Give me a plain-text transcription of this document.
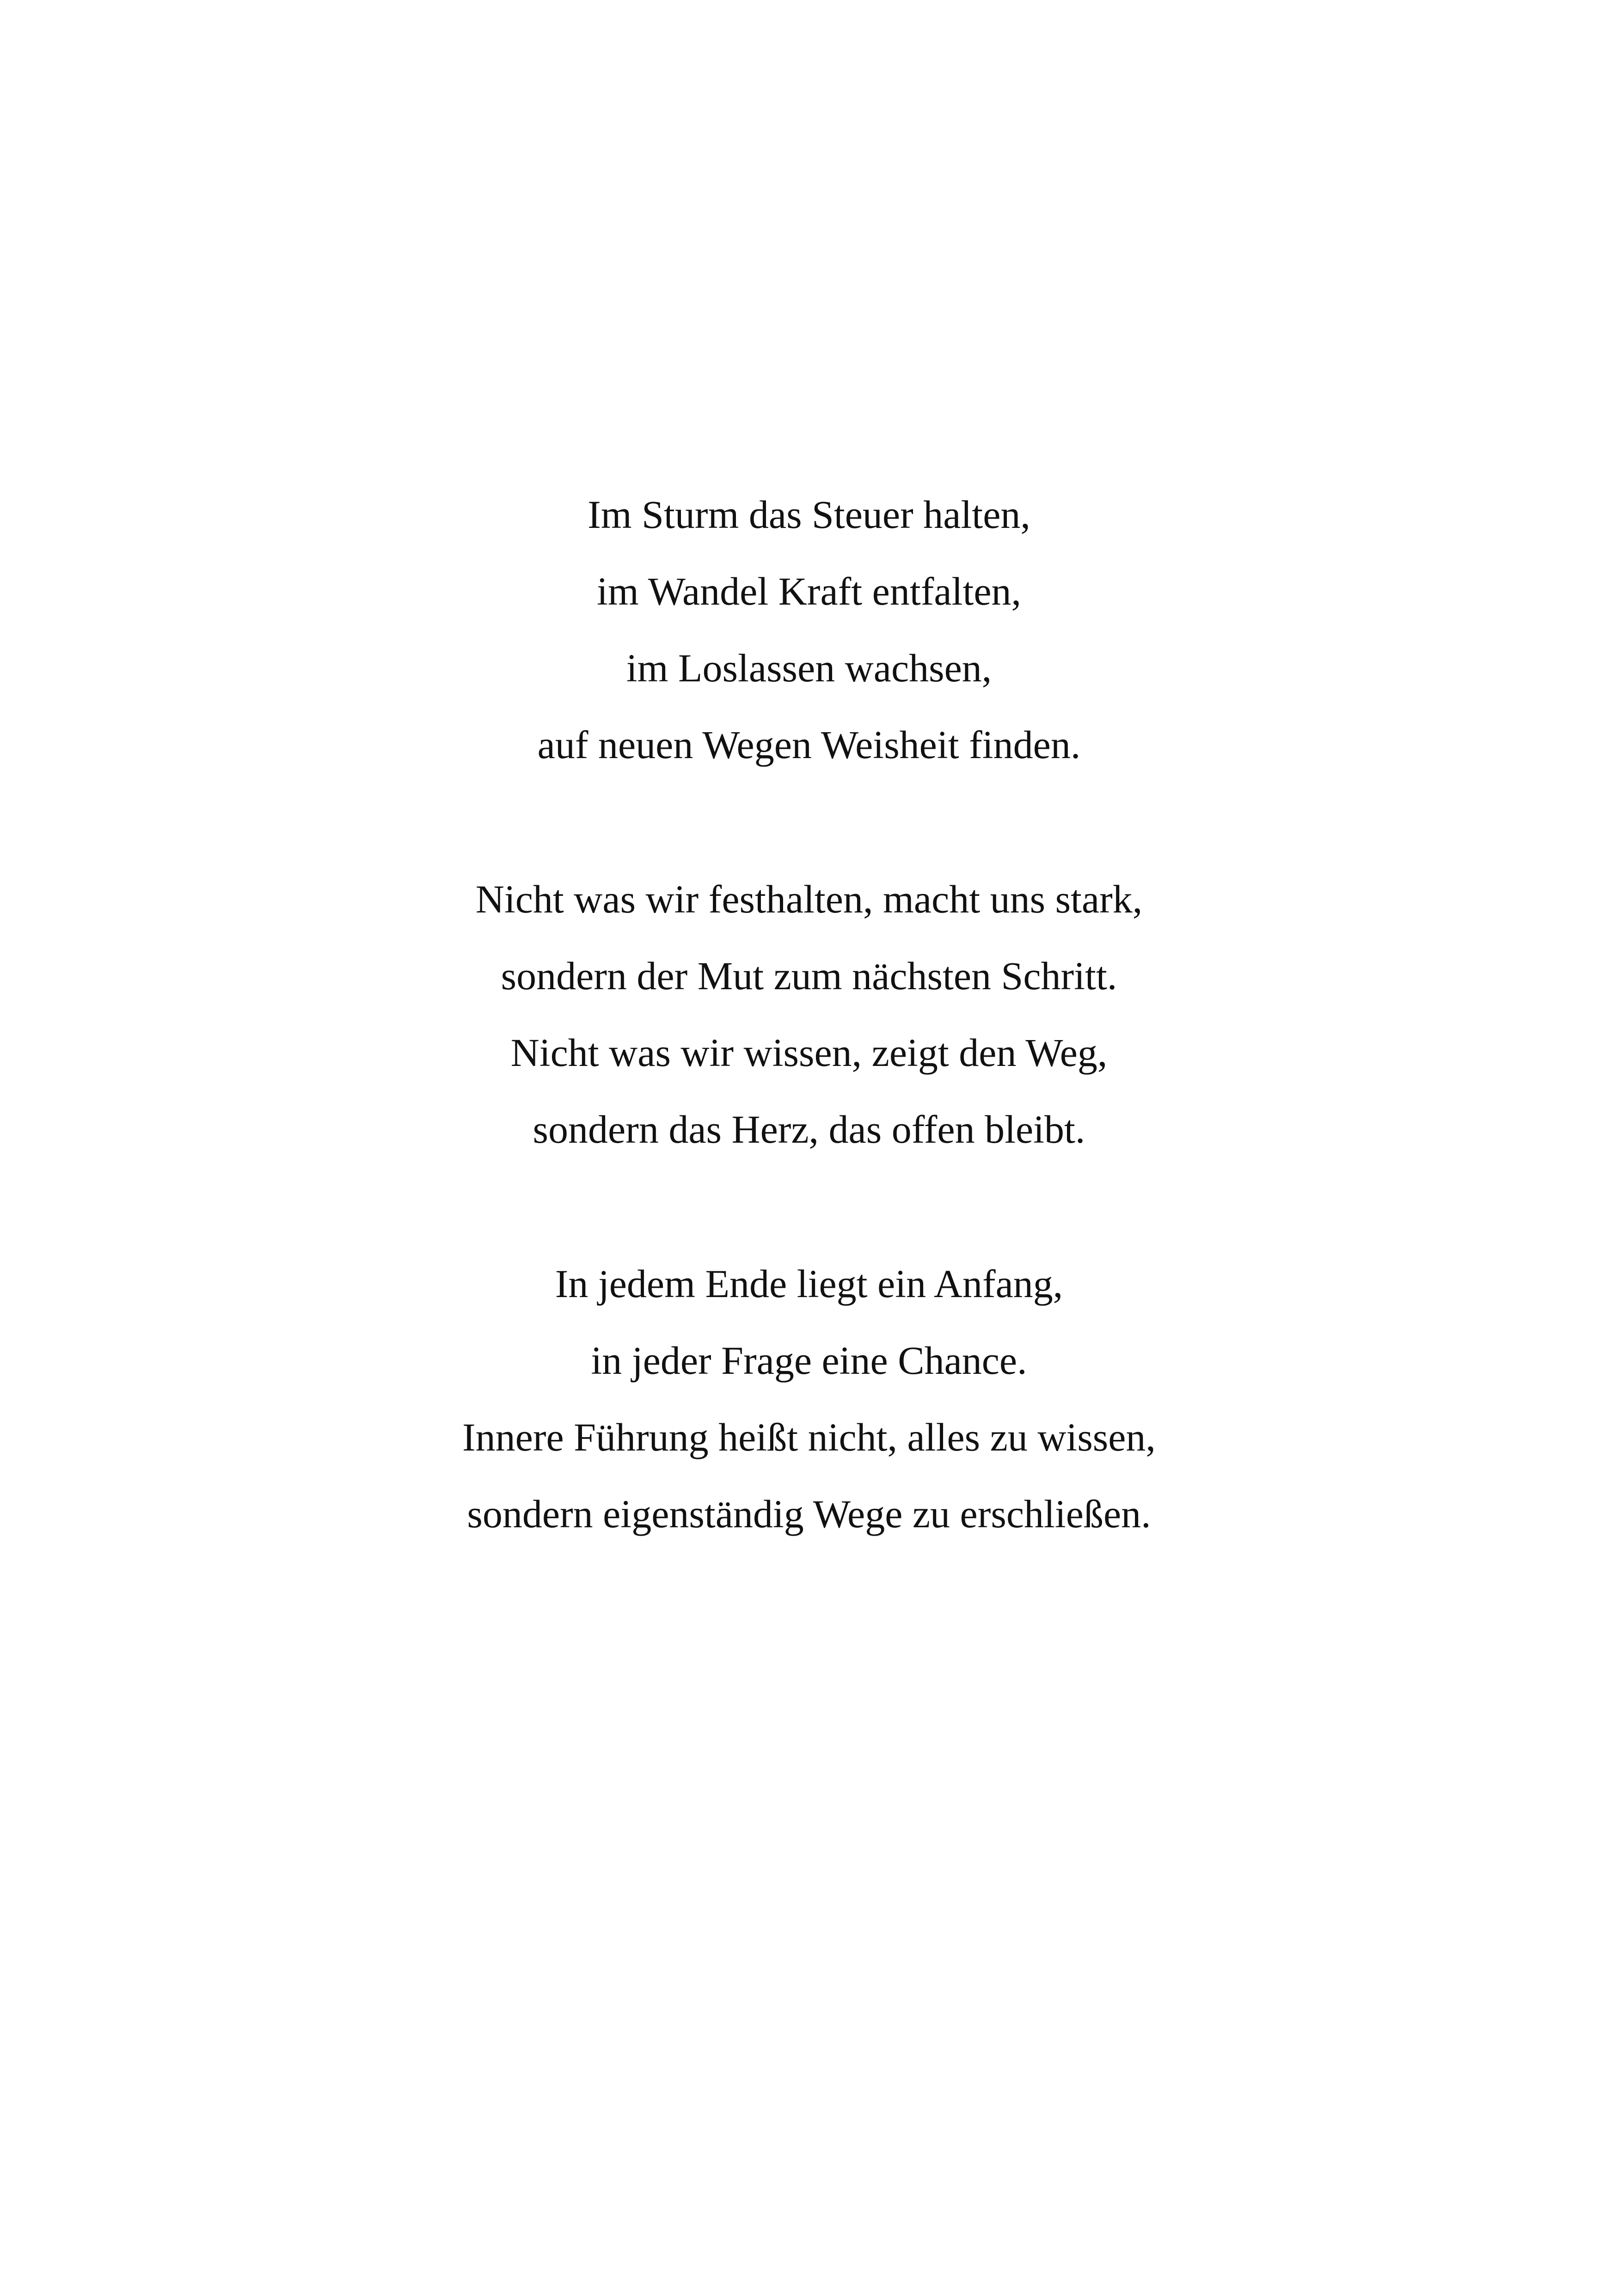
Im Sturm das Steuer halten,
im Wandel Kraft entfalten,
im Loslassen wachsen,
auf neuen Wegen Weisheit finden.
Nicht was wir festhalten, macht uns stark,
sondern der Mut zum nächsten Schritt.
Nicht was wir wissen, zeigt den Weg,
sondern das Herz, das offen bleibt.
In jedem Ende liegt ein Anfang,
in jeder Frage eine Chance.
Innere Führung heißt nicht, alles zu wissen,
sondern eigenständig Wege zu erschließen.
